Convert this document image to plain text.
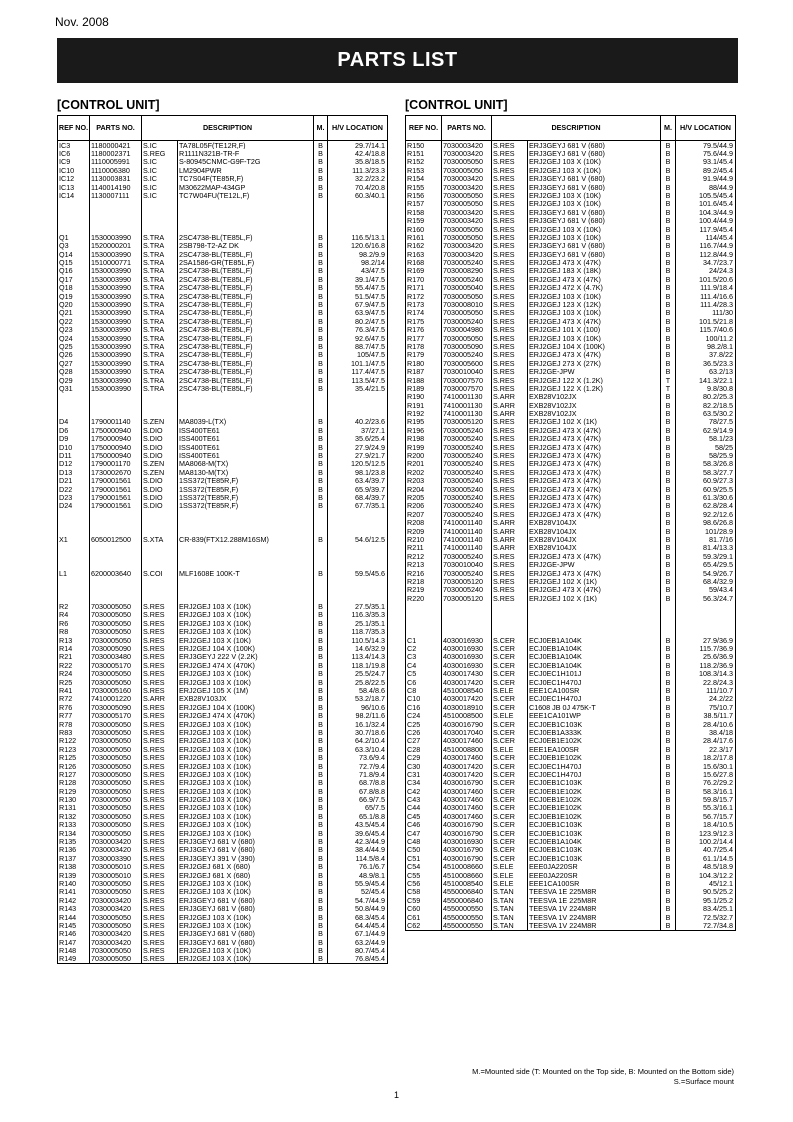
Nov. 2008
PARTS LIST
[CONTROL UNIT]	[CONTROL UNIT]
REF NO.	PARTS NO.	DESCRIPTION		M.	H/V LOCATION
IC3	1180000421	S.IC	TA78L05F(TE12R,F)	B	29.7/14.1
IC6	1180002371	S.REG	R1111N321B-TR-F	B	42.4/18.8
IC9	1110005991	S.IC	S-80945CNMC-G9F-T2G	B	35.8/18.5
IC10	1110006380	S.IC	LM2904PWR	B	111.3/23.3
IC12	1130003831	S.IC	TC7S04F(TE85R,F)	B	32.2/23.2
IC13	1140014190	S.IC	M30622MAP-434GP	B	70.4/20.8
IC14	1130007111	S.IC	TC7W04FU(TE12L,F)	B	60.3/40.1

Q1	1530003990	S.TRA	2SC4738-BL(TE85L,F)	B	116.5/13.1
Q3	1520000201	S.TRA	2SB798-T2-AZ DK	B	120.6/16.8
Q14	1530003990	S.TRA	2SC4738-BL(TE85L,F)	B	98.2/9.9
Q15	1510000771	S.TRA	2SA1586-GR(TE85L,F)	B	98.2/14
Q16	1530003990	S.TRA	2SC4738-BL(TE85L,F)	B	43/47.5
Q17	1530003990	S.TRA	2SC4738-BL(TE85L,F)	B	39.1/47.5
Q18	1530003990	S.TRA	2SC4738-BL(TE85L,F)	B	55.4/47.5
Q19	1530003990	S.TRA	2SC4738-BL(TE85L,F)	B	51.5/47.5
Q20	1530003990	S.TRA	2SC4738-BL(TE85L,F)	B	67.9/47.5
Q21	1530003990	S.TRA	2SC4738-BL(TE85L,F)	B	63.9/47.5
Q22	1530003990	S.TRA	2SC4738-BL(TE85L,F)	B	80.2/47.5
Q23	1530003990	S.TRA	2SC4738-BL(TE85L,F)	B	76.3/47.5
Q24	1530003990	S.TRA	2SC4738-BL(TE85L,F)	B	92.6/47.5
Q25	1530003990	S.TRA	2SC4738-BL(TE85L,F)	B	88.7/47.5
Q26	1530003990	S.TRA	2SC4738-BL(TE85L,F)	B	105/47.5
Q27	1530003990	S.TRA	2SC4738-BL(TE85L,F)	B	101.1/47.5
Q28	1530003990	S.TRA	2SC4738-BL(TE85L,F)	B	117.4/47.5
Q29	1530003990	S.TRA	2SC4738-BL(TE85L,F)	B	113.5/47.5
Q31	1530003990	S.TRA	2SC4738-BL(TE85L,F)	B	35.4/21.5

D4	1790001140	S.ZEN	MA8039-L(TX)	B	40.2/23.6
D6	1750000940	S.DIO	ISS400TE61	B	37/27.1
D9	1750000940	S.DIO	ISS400TE61	B	35.6/25.4
D10	1750000940	S.DIO	ISS400TE61	B	27.9/24.9
D11	1750000940	S.DIO	ISS400TE61	B	27.9/21.7
D12	1790001170	S.ZEN	MA8068-M(TX)	B	120.5/12.5
D13	1730002670	S.ZEN	MA8130-M(TX)	B	98.1/23.8
D21	1790001561	S.DIO	1SS372(TE85R,F)	B	63.4/39.7
D22	1790001561	S.DIO	1SS372(TE85R,F)	B	65.9/39.7
D23	1790001561	S.DIO	1SS372(TE85R,F)	B	68.4/39.7
D24	1790001561	S.DIO	1SS372(TE85R,F)	B	67.7/35.1

X1	6050012500	S.XTA	CR-839(FTX12.288M16SM)	B	54.6/12.5

L1	6200003640	S.COI	MLF1608E 100K-T	B	59.5/45.6

R2	7030005050	S.RES	ERJ2GEJ 103 X (10K)	B	27.5/35.1
R4	7030005050	S.RES	ERJ2GEJ 103 X (10K)	B	116.3/35.3
R6	7030005050	S.RES	ERJ2GEJ 103 X (10K)	B	25.1/35.1
R8	7030005050	S.RES	ERJ2GEJ 103 X (10K)	B	118.7/35.3
R13	7030005050	S.RES	ERJ2GEJ 103 X (10K)	B	110.5/14.3
R14	7030005090	S.RES	ERJ2GEJ 104 X (100K)	B	14.6/32.9
R21	7030003480	S.RES	ERJ3GEYJ 222 V (2.2K)	B	113.4/14.3
R22	7030005170	S.RES	ERJ2GEJ 474 X (470K)	B	118.1/19.8
R24	7030005050	S.RES	ERJ2GEJ 103 X (10K)	B	25.5/24.7
R25	7030005050	S.RES	ERJ2GEJ 103 X (10K)	B	25.8/22.5
R41	7030005160	S.RES	ERJ2GEJ 105 X (1M)	B	58.4/8.6
R72	7410001220	S.ARR	EXB28V103JX	B	53.2/18.7
R76	7030005090	S.RES	ERJ2GEJ 104 X (100K)	B	96/10.6
R77	7030005170	S.RES	ERJ2GEJ 474 X (470K)	B	98.2/11.6
R78	7030005050	S.RES	ERJ2GEJ 103 X (10K)	B	16.1/32.4
R83	7030005050	S.RES	ERJ2GEJ 103 X (10K)	B	30.7/18.6
R122	7030005050	S.RES	ERJ2GEJ 103 X (10K)	B	64.2/10.4
R123	7030005050	S.RES	ERJ2GEJ 103 X (10K)	B	63.3/10.4
R125	7030005050	S.RES	ERJ2GEJ 103 X (10K)	B	73.6/9.4
R126	7030005050	S.RES	ERJ2GEJ 103 X (10K)	B	72.7/9.4
R127	7030005050	S.RES	ERJ2GEJ 103 X (10K)	B	71.8/9.4
R128	7030005050	S.RES	ERJ2GEJ 103 X (10K)	B	68.7/8.8
R129	7030005050	S.RES	ERJ2GEJ 103 X (10K)	B	67.8/8.8
R130	7030005050	S.RES	ERJ2GEJ 103 X (10K)	B	66.9/7.5
R131	7030005050	S.RES	ERJ2GEJ 103 X (10K)	B	65/7.5
R132	7030005050	S.RES	ERJ2GEJ 103 X (10K)	B	65.1/8.8
R133	7030005050	S.RES	ERJ2GEJ 103 X (10K)	B	43.5/45.4
R134	7030005050	S.RES	ERJ2GEJ 103 X (10K)	B	39.6/45.4
R135	7030003420	S.RES	ERJ3GEYJ 681 V (680)	B	42.3/44.9
R136	7030003420	S.RES	ERJ3GEYJ 681 V (680)	B	38.4/44.9
R137	7030003390	S.RES	ERJ3GEYJ 391 V (390)	B	114.5/8.4
R138	7030005010	S.RES	ERJ2GEJ 681 X (680)	B	76.1/6.7
R139	7030005010	S.RES	ERJ2GEJ 681 X (680)	B	48.9/8.1
R140	7030005050	S.RES	ERJ2GEJ 103 X (10K)	B	55.9/45.4
R141	7030005050	S.RES	ERJ2GEJ 103 X (10K)	B	52/45.4
R142	7030003420	S.RES	ERJ3GEYJ 681 V (680)	B	54.7/44.9
R143	7030003420	S.RES	ERJ3GEYJ 681 V (680)	B	50.8/44.9
R144	7030005050	S.RES	ERJ2GEJ 103 X (10K)	B	68.3/45.4
R145	7030005050	S.RES	ERJ2GEJ 103 X (10K)	B	64.4/45.4
R146	7030003420	S.RES	ERJ3GEYJ 681 V (680)	B	67.1/44.9
R147	7030003420	S.RES	ERJ3GEYJ 681 V (680)	B	63.2/44.9
R148	7030005050	S.RES	ERJ2GEJ 103 X (10K)	B	80.7/45.4
R149	7030005050	S.RES	ERJ2GEJ 103 X (10K)	B	76.8/45.4
REF NO.	PARTS NO.	DESCRIPTION		M.	H/V LOCATION
R150	7030003420	S.RES	ERJ3GEYJ 681 V (680)	B	79.5/44.9
R151	7030003420	S.RES	ERJ3GEYJ 681 V (680)	B	75.6/44.9
R152	7030005050	S.RES	ERJ2GEJ 103 X (10K)	B	93.1/45.4
R153	7030005050	S.RES	ERJ2GEJ 103 X (10K)	B	89.2/45.4
R154	7030003420	S.RES	ERJ3GEYJ 681 V (680)	B	91.9/44.9
R155	7030003420	S.RES	ERJ3GEYJ 681 V (680)	B	88/44.9
R156	7030005050	S.RES	ERJ2GEJ 103 X (10K)	B	105.5/45.4
R157	7030005050	S.RES	ERJ2GEJ 103 X (10K)	B	101.6/45.4
R158	7030003420	S.RES	ERJ3GEYJ 681 V (680)	B	104.3/44.9
R159	7030003420	S.RES	ERJ3GEYJ 681 V (680)	B	100.4/44.9
R160	7030005050	S.RES	ERJ2GEJ 103 X (10K)	B	117.9/45.4
R161	7030005050	S.RES	ERJ2GEJ 103 X (10K)	B	114/45.4
R162	7030003420	S.RES	ERJ3GEYJ 681 V (680)	B	116.7/44.9
R163	7030003420	S.RES	ERJ3GEYJ 681 V (680)	B	112.8/44.9
R168	7030005240	S.RES	ERJ2GEJ 473 X (47K)	B	34.7/23.7
R169	7030008290	S.RES	ERJ2GEJ 183 X (18K)	B	24/24.3
R170	7030005240	S.RES	ERJ2GEJ 473 X (47K)	B	101.5/20.6
R171	7030005040	S.RES	ERJ2GEJ 472 X (4.7K)	B	111.9/18.4
R172	7030005050	S.RES	ERJ2GEJ 103 X (10K)	B	111.4/16.6
R173	7030008010	S.RES	ERJ2GEJ 123 X (12K)	B	111.4/28.3
R174	7030005050	S.RES	ERJ2GEJ 103 X (10K)	B	111/30
R175	7030005240	S.RES	ERJ2GEJ 473 X (47K)	B	101.5/21.8
R176	7030004980	S.RES	ERJ2GEJ 101 X (100)	B	115.7/40.6
R177	7030005050	S.RES	ERJ2GEJ 103 X (10K)	B	100/11.2
R178	7030005090	S.RES	ERJ2GEJ 104 X (100K)	B	98.2/8.1
R179	7030005240	S.RES	ERJ2GEJ 473 X (47K)	B	37.8/22
R180	7030005600	S.RES	ERJ2GEJ 273 X (27K)	B	36.5/23.3
R187	7030010040	S.RES	ERJ2GE-JPW	B	63.2/13
R188	7030007570	S.RES	ERJ2GEJ 122 X (1.2K)	T	141.3/22.1
R189	7030007570	S.RES	ERJ2GEJ 122 X (1.2K)	T	9.8/30.8
R190	7410001130	S.ARR	EXB28V102JX	B	80.2/25.3
R191	7410001130	S.ARR	EXB28V102JX	B	82.2/18.5
R192	7410001130	S.ARR	EXB28V102JX	B	63.5/30.2
R195	7030005120	S.RES	ERJ2GEJ 102 X (1K)	B	78/27.5
R196	7030005240	S.RES	ERJ2GEJ 473 X (47K)	B	62.9/14.9
R198	7030005240	S.RES	ERJ2GEJ 473 X (47K)	B	58.1/23
R199	7030005240	S.RES	ERJ2GEJ 473 X (47K)	B	58/25
R200	7030005240	S.RES	ERJ2GEJ 473 X (47K)	B	58/25.9
R201	7030005240	S.RES	ERJ2GEJ 473 X (47K)	B	58.3/26.8
R202	7030005240	S.RES	ERJ2GEJ 473 X (47K)	B	58.3/27.7
R203	7030005240	S.RES	ERJ2GEJ 473 X (47K)	B	60.9/27.3
R204	7030005240	S.RES	ERJ2GEJ 473 X (47K)	B	60.9/25.5
R205	7030005240	S.RES	ERJ2GEJ 473 X (47K)	B	61.3/30.6
R206	7030005240	S.RES	ERJ2GEJ 473 X (47K)	B	62.8/28.4
R207	7030005240	S.RES	ERJ2GEJ 473 X (47K)	B	92.2/12.6
R208	7410001140	S.ARR	EXB28V104JX	B	98.6/26.8
R209	7410001140	S.ARR	EXB28V104JX	B	101/28.9
R210	7410001140	S.ARR	EXB28V104JX	B	81.7/16
R211	7410001140	S.ARR	EXB28V104JX	B	81.4/13.3
R212	7030005240	S.RES	ERJ2GEJ 473 X (47K)	B	59.3/29.1
R213	7030010040	S.RES	ERJ2GE-JPW	B	65.4/29.5
R216	7030005240	S.RES	ERJ2GEJ 473 X (47K)	B	54.9/26.7
R218	7030005120	S.RES	ERJ2GEJ 102 X (1K)	B	68.4/32.9
R219	7030005240	S.RES	ERJ2GEJ 473 X (47K)	B	59/43.4
R220	7030005120	S.RES	ERJ2GEJ 102 X (1K)	B	56.3/24.7

C1	4030016930	S.CER	ECJ0EB1A104K	B	27.9/36.9
C2	4030016930	S.CER	ECJ0EB1A104K	B	115.7/36.9
C3	4030016930	S.CER	ECJ0EB1A104K	B	25.6/36.9
C4	4030016930	S.CER	ECJ0EB1A104K	B	118.2/36.9
C5	4030017430	S.CER	ECJ0EC1H101J	B	108.3/14.3
C6	4030017420	S.CER	ECJ0EC1H470J	B	22.8/24.3
C8	4510008540	S.ELE	EEE1CA100SR	B	111/10.7
C10	4030017420	S.CER	ECJ0EC1H470J	B	24.2/22
C16	4030018910	S.CER	C1608 JB 0J 475K-T	B	75/10.7
C24	4510008500	S.ELE	EEE1CA101WP	B	38.5/11.7
C25	4030016790	S.CER	ECJ0EB1C103K	B	28.4/10.6
C26	4030017040	S.CER	ECJ0EB1A333K	B	38.4/18
C27	4030017460	S.CER	ECJ0EB1E102K	B	28.4/17.6
C28	4510008800	S.ELE	EEE1EA100SR	B	22.3/17
C29	4030017460	S.CER	ECJ0EB1E102K	B	18.2/17.8
C30	4030017420	S.CER	ECJ0EC1H470J	B	15.6/30.1
C31	4030017420	S.CER	ECJ0EC1H470J	B	15.6/27.8
C34	4030016790	S.CER	ECJ0EB1C103K	B	76.2/29.2
C42	4030017460	S.CER	ECJ0EB1E102K	B	58.3/16.1
C43	4030017460	S.CER	ECJ0EB1E102K	B	59.8/15.7
C44	4030017460	S.CER	ECJ0EB1E102K	B	55.3/16.1
C45	4030017460	S.CER	ECJ0EB1E102K	B	56.7/15.7
C46	4030016790	S.CER	ECJ0EB1C103K	B	18.4/10.5
C47	4030016790	S.CER	ECJ0EB1C103K	B	123.9/12.3
C48	4030016930	S.CER	ECJ0EB1A104K	B	100.2/14.4
C50	4030016790	S.CER	ECJ0EB1C103K	B	40.7/25.4
C51	4030016790	S.CER	ECJ0EB1C103K	B	61.1/14.5
C54	4510008660	S.ELE	EEE0JA220SR	B	48.5/18.9
C55	4510008660	S.ELE	EEE0JA220SR	B	104.3/12.2
C56	4510008540	S.ELE	EEE1CA100SR	B	45/12.1
C58	4550006840	S.TAN	TEESVA 1E 225M8R	B	90.5/25.2
C59	4550006840	S.TAN	TEESVA 1E 225M8R	B	95.1/25.2
C60	4550000550	S.TAN	TEESVA 1V 224M8R	B	83.4/25.1
C61	4550000550	S.TAN	TEESVA 1V 224M8R	B	72.5/32.7
C62	4550000550	S.TAN	TEESVA 1V 224M8R	B	72.7/34.8
M.=Mounted side (T: Mounted on the Top side, B: Mounted on the Bottom side)
S.=Surface mount
1
